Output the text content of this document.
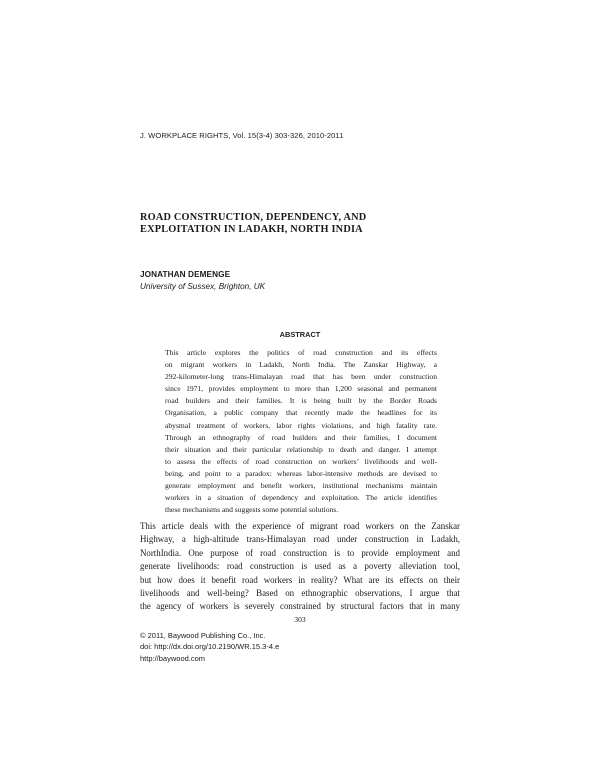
J. WORKPLACE RIGHTS, Vol. 15(3-4) 303-326, 2010-2011
ROAD CONSTRUCTION, DEPENDENCY, AND
EXPLOITATION IN LADAKH, NORTH INDIA
JONATHAN DEMENGE
University of Sussex, Brighton, UK
ABSTRACT
This article explores the politics of road construction and its effects
on migrant workers in Ladakh, North India. The Zanskar Highway, a
292-kilometer-long trans-Himalayan road that has been under construction
since 1971, provides employment to more than 1,200 seasonal and permanent
road builders and their families. It is being built by the Border Roads
Organisation, a public company that recently made the headlines for its
abysmal treatment of workers, labor rights violations, and high fatality rate.
Through an ethnography of road builders and their families, I document
their situation and their particular relationship to death and danger. I attempt
to assess the effects of road construction on workers’ livelihoods and well-
being, and point to a paradox: whereas labor-intensive methods are devised to
generate employment and benefit workers, institutional mechanisms maintain
workers in a situation of dependency and exploitation. The article identifies
these mechanisms and suggests some potential solutions.
This article deals with the experience of migrant road workers on the Zanskar
Highway, a high-altitude trans-Himalayan road under construction in Ladakh,
NorthIndia. One purpose of road construction is to provide employment and
generate livelihoods: road construction is used as a poverty alleviation tool,
but how does it benefit road workers in reality? What are its effects on their
livelihoods and well-being? Based on ethnographic observations, I argue that
the agency of workers is severely constrained by structural factors that in many
303
© 2011, Baywood Publishing Co., Inc.
doi: http://dx.doi.org/10.2190/WR.15.3-4.e
http://baywood.com
